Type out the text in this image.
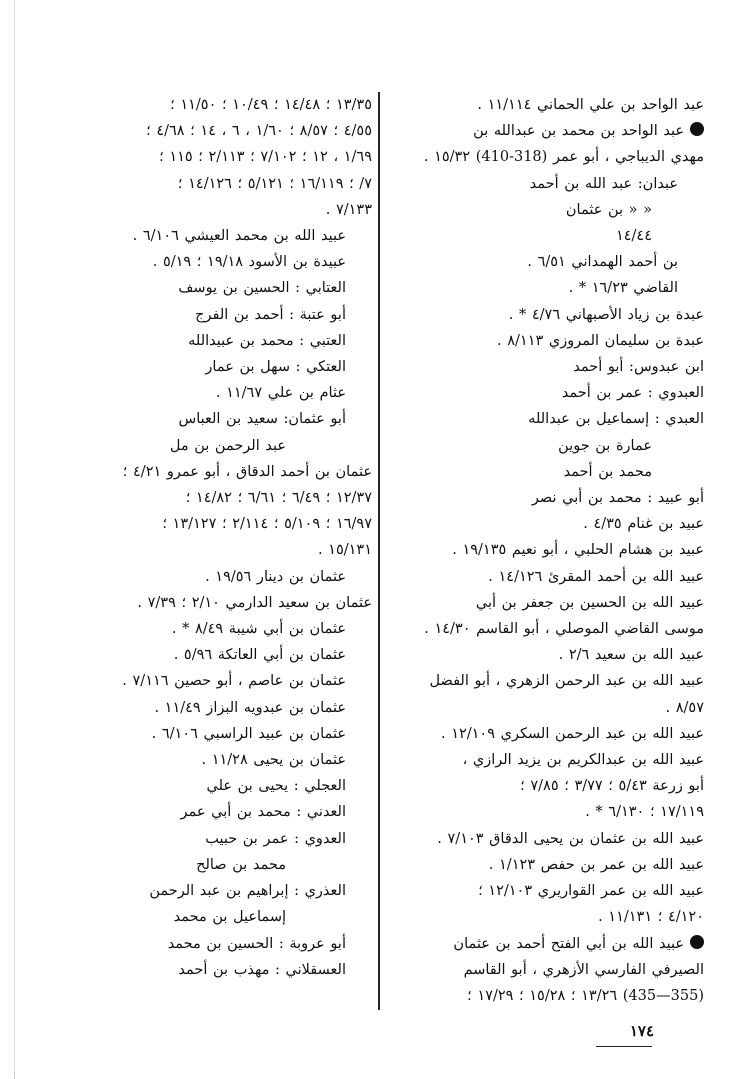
عبد الواحد بن علي الحماني ١١/١١٤ .
عبد الواحد بن محمد بن عبدالله بن
مهدي الديباجي ، أبو عمر (318-410) ١٥/٣٢ .
عبدان: عبد الله بن أحمد
« « بن عثمان
١٤/٤٤
بن أحمد الهمداني ٦/٥١ .
القاضي ١٦/٢٣ * .
عبدة بن زياد الأصبهاني ٤/٧٦ * .
عبدة بن سليمان المروزي ٨/١١٣ .
ابن عبدوس: أبو أحمد
العبدوي : عمر بن أحمد
العبدي : إسماعيل بن عبدالله
عمارة بن جوين
محمد بن أحمد
أبو عبيد : محمد بن أبي نصر
عبيد بن غنام ٤/٣٥ .
عبيد بن هشام الحلبي ، أبو نعيم ١٩/١٣٥ .
عبيد الله بن أحمد المقرئ ١٤/١٢٦ .
عبيد الله بن الحسين بن جعفر بن أبي
موسى القاضي الموصلي ، أبو القاسم ١٤/٣٠ .
عبيد الله بن سعيد ٢/٦ .
عبيد الله بن عبد الرحمن الزهري ، أبو الفضل
٨/٥٧ .
عبيد الله بن عبد الرحمن السكري ١٢/١٠٩ .
عبيد الله بن عبدالكريم بن يزيد الرازي ،
أبو زرعة ٥/٤٣ ؛ ٣/٧٧ ؛ ٧/٨٥ ؛
١٧/١١٩ ؛ ٦/١٣٠ * .
عبيد الله بن عثمان بن يحيى الدقاق ٧/١٠٣ .
عبيد الله بن عمر بن حفص ١/١٢٣ .
عبيد الله بن عمر القواريري ١٢/١٠٣ ؛
٤/١٢٠ ؛ ١١/١٣١ .
عبيد الله بن أبي الفتح أحمد بن عثمان
الصيرفي الفارسي الأزهري ، أبو القاسم
(355—435) ١٣/٢٦ ؛ ١٥/٢٨ ؛ ١٧/٢٩ ؛
١٣/٣٥ ؛ ١٤/٤٨ ؛ ١٠/٤٩ ؛ ١١/٥٠ ؛
٤/٥٥ ؛ ٨/٥٧ ؛ ١/٦٠ ، ٦ ، ١٤ ؛ ٤/٦٨ ؛
١/٦٩ ، ١٢ ؛ ٧/١٠٢ ؛ ٢/١١٣ ؛ ١١٥ ؛
٧/ ؛ ١٦/١١٩ ؛ ٥/١٢١ ؛ ١٤/١٢٦ ؛
٧/١٣٣ .
عبيد الله بن محمد العيشي ٦/١٠٦ .
عبيدة بن الأسود ١٩/١٨ ؛ ٥/١٩ .
العتابي : الحسين بن يوسف
أبو عتبة : أحمد بن الفرج
العتبي : محمد بن عبيدالله
العتكي : سهل بن عمار
عثام بن علي ١١/٦٧ .
أبو عثمان: سعيد بن العباس
عبد الرحمن بن مل
عثمان بن أحمد الدقاق ، أبو عمرو ٤/٢١ ؛
١٢/٣٧ ؛ ٦/٤٩ ؛ ٦/٦١ ؛ ١٤/٨٢ ؛
١٦/٩٧ ؛ ٥/١٠٩ ؛ ٢/١١٤ ؛ ١٣/١٢٧ ؛
١٥/١٣١ .
عثمان بن دينار ١٩/٥٦ .
عثمان بن سعيد الدارمي ٢/١٠ ؛ ٧/٣٩ .
عثمان بن أبي شيبة ٨/٤٩ * .
عثمان بن أبي العاتكة ٥/٩٦ .
عثمان بن عاصم ، أبو حصين ٧/١١٦ .
عثمان بن عبدويه البزاز ١١/٤٩ .
عثمان بن عبيد الراسبي ٦/١٠٦ .
عثمان بن يحيى ١١/٢٨ .
العجلي : يحيى بن علي
العدني : محمد بن أبي عمر
العدوي : عمر بن حبيب
محمد بن صالح
العذري : إبراهيم بن عبد الرحمن
إسماعيل بن محمد
أبو عروبة : الحسين بن محمد
العسقلاني : مهذب بن أحمد
١٧٤
